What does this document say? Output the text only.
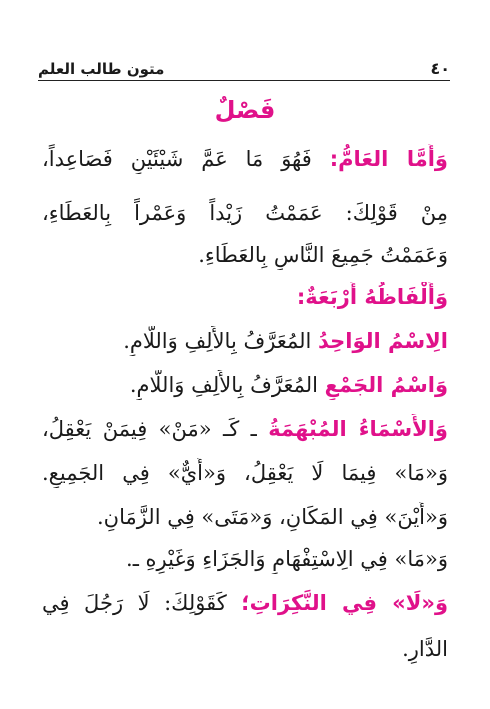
٤٠
متون طالب العلم
فَصْلٌ
وَأَمَّا العَامُّ: فَهُوَ مَا عَمَّ شَيْئَيْنِ فَصَاعِداً،
مِنْ قَوْلِكَ: عَمَمْتُ زَيْداً وَعَمْراً بِالعَطَاءِ،
وَعَمَمْتُ جَمِيعَ النَّاسِ بِالعَطَاءِ.
وَأَلْفَاظُهُ أَرْبَعَةٌ:
الِاسْمُ الوَاحِدُ المُعَرَّفُ بِالأَلِفِ وَاللَّامِ.
وَاسْمُ الجَمْعِ المُعَرَّفُ بِالأَلِفِ وَاللَّامِ.
وَالأَسْمَاءُ المُبْهَمَةُ ـ كَـ «مَنْ» فِيمَنْ يَعْقِلُ،
وَ«مَا» فِيمَا لَا يَعْقِلُ، وَ«أَيٌّ» فِي الجَمِيعِ.
وَ«أَيْنَ» فِي المَكَانِ، وَ«مَتَى» فِي الزَّمَانِ.
وَ«مَا» فِي الِاسْتِفْهَامِ وَالجَزَاءِ وَغَيْرِهِ ـ.
وَ«لَا» فِي النَّكِرَاتِ؛ كَقَوْلِكَ: لَا رَجُلَ فِي
الدَّارِ.
